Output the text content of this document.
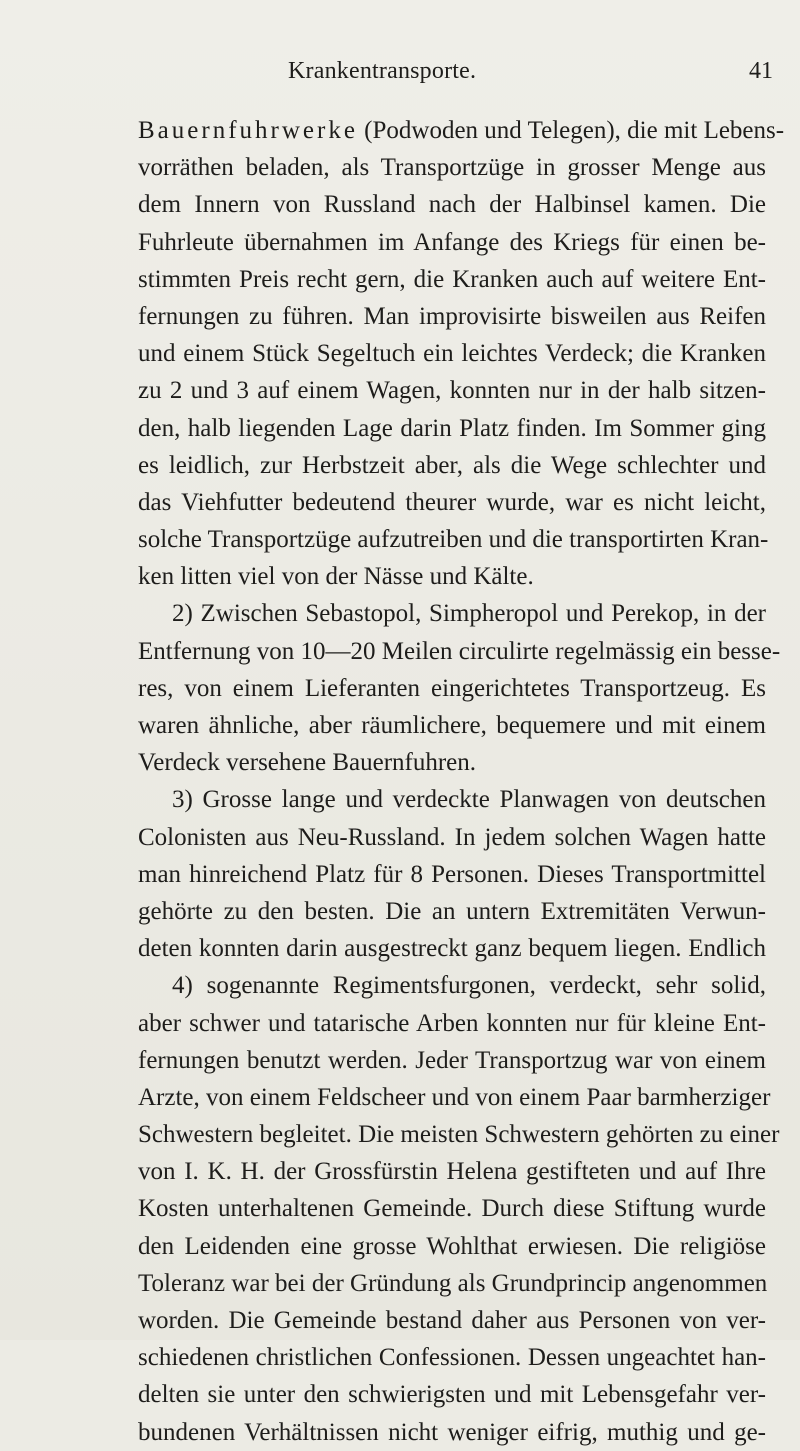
Krankentransporte.	41
Bauernfuhrwerke (Podwoden und Telegen), die mit Lebens-
vorräthen beladen, als Transportzüge in grosser Menge aus
dem Innern von Russland nach der Halbinsel kamen. Die
Fuhrleute übernahmen im Anfange des Kriegs für einen be-
stimmten Preis recht gern, die Kranken auch auf weitere Ent-
fernungen zu führen. Man improvisirte bisweilen aus Reifen
und einem Stück Segeltuch ein leichtes Verdeck; die Kranken
zu 2 und 3 auf einem Wagen, konnten nur in der halb sitzen-
den, halb liegenden Lage darin Platz finden. Im Sommer ging
es leidlich, zur Herbstzeit aber, als die Wege schlechter und
das Viehfutter bedeutend theurer wurde, war es nicht leicht,
solche Transportzüge aufzutreiben und die transportirten Kran-
ken litten viel von der Nässe und Kälte.
2) Zwischen Sebastopol, Simpheropol und Perekop, in der
Entfernung von 10—20 Meilen circulirte regelmässig ein besse-
res, von einem Lieferanten eingerichtetes Transportzeug. Es
waren ähnliche, aber räumlichere, bequemere und mit einem
Verdeck versehene Bauernfuhren.
3) Grosse lange und verdeckte Planwagen von deutschen
Colonisten aus Neu-Russland. In jedem solchen Wagen hatte
man hinreichend Platz für 8 Personen. Dieses Transportmittel
gehörte zu den besten. Die an untern Extremitäten Verwun-
deten konnten darin ausgestreckt ganz bequem liegen. Endlich
4) sogenannte Regimentsfurgonen, verdeckt, sehr solid,
aber schwer und tatarische Arben konnten nur für kleine Ent-
fernungen benutzt werden. Jeder Transportzug war von einem
Arzte, von einem Feldscheer und von einem Paar barmherziger
Schwestern begleitet. Die meisten Schwestern gehörten zu einer
von I. K. H. der Grossfürstin Helena gestifteten und auf Ihre
Kosten unterhaltenen Gemeinde. Durch diese Stiftung wurde
den Leidenden eine grosse Wohlthat erwiesen. Die religiöse
Toleranz war bei der Gründung als Grundprincip angenommen
worden. Die Gemeinde bestand daher aus Personen von ver-
schiedenen christlichen Confessionen. Dessen ungeachtet han-
delten sie unter den schwierigsten und mit Lebensgefahr ver-
bundenen Verhältnissen nicht weniger eifrig, muthig und ge-
